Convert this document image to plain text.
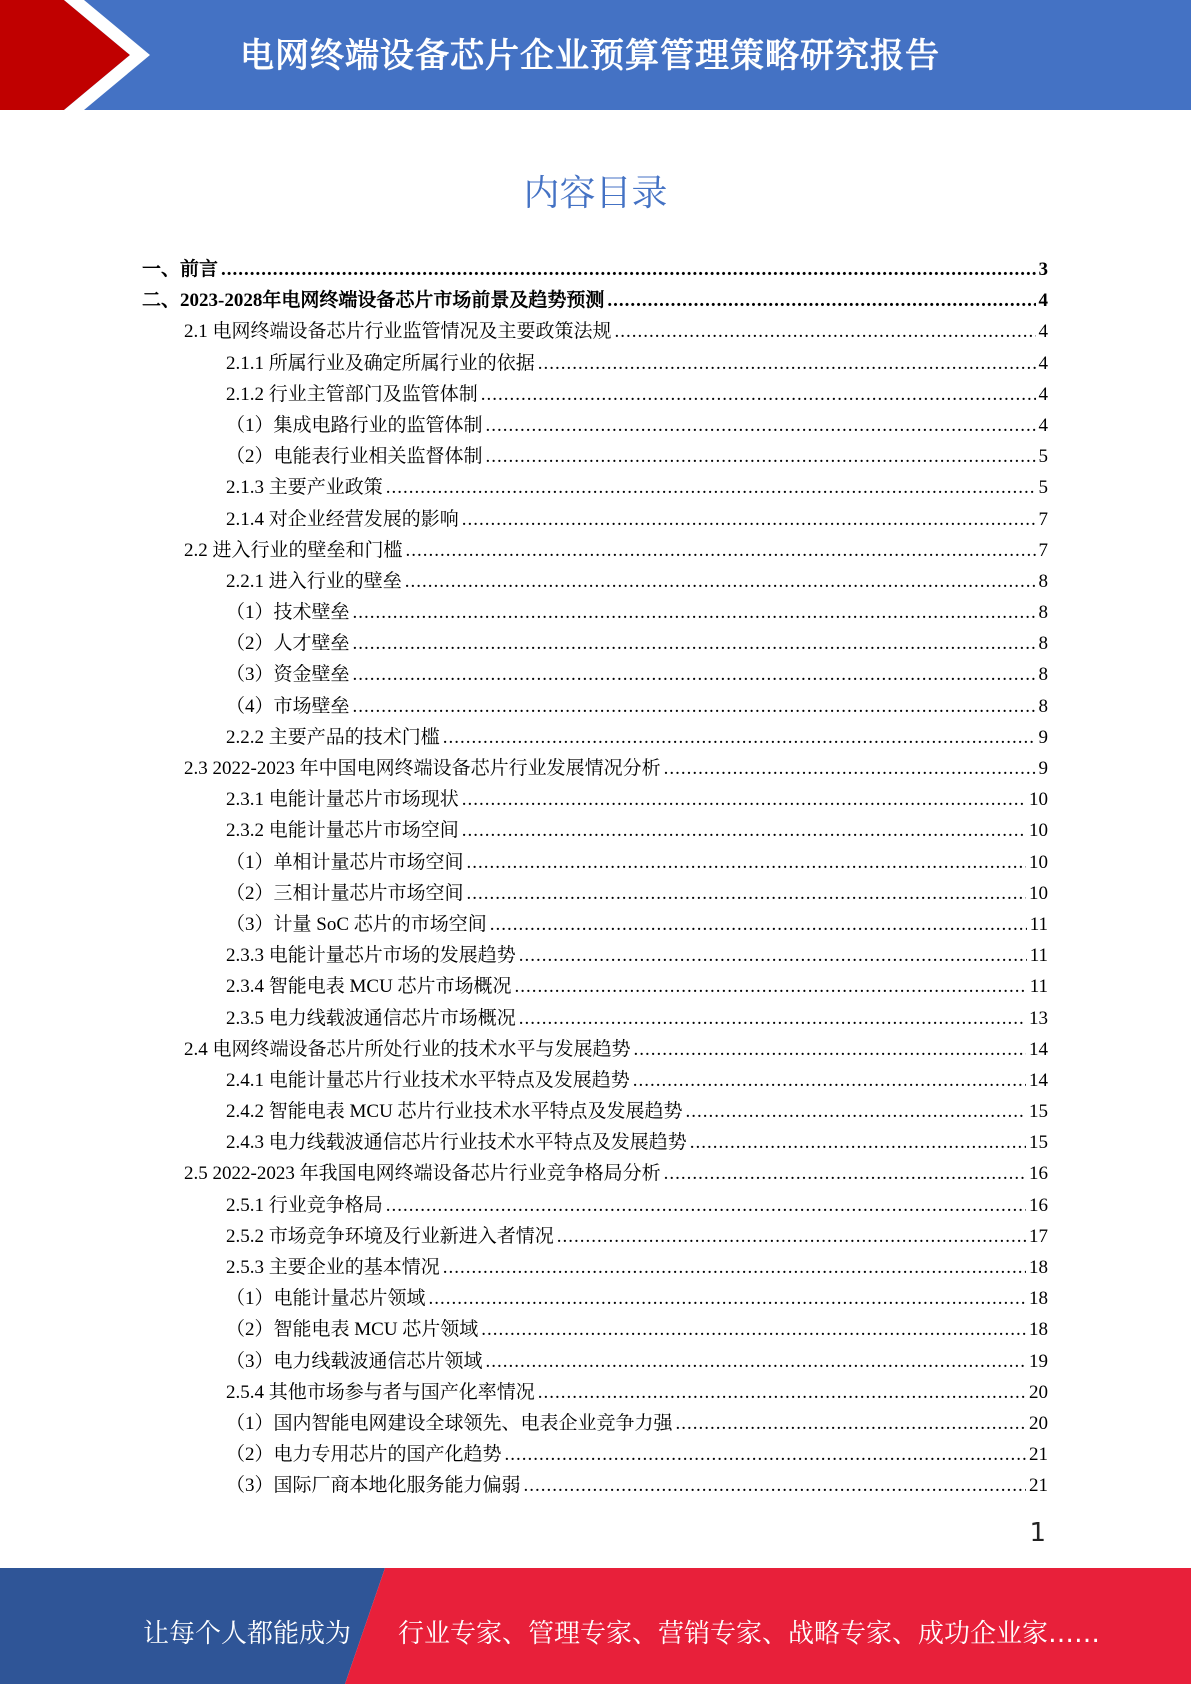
电网终端设备芯片企业预算管理策略研究报告
内容目录
一、前言 .....	3
二、2023-2028年电网终端设备芯片市场前景及趋势预测 .....	4
2.1 电网终端设备芯片行业监管情况及主要政策法规 .....	4
2.1.1 所属行业及确定所属行业的依据 .....	4
2.1.2 行业主管部门及监管体制 .....	4
（1）集成电路行业的监管体制 .....	4
（2）电能表行业相关监督体制 .....	5
2.1.3 主要产业政策 .....	5
2.1.4 对企业经营发展的影响 .....	7
2.2 进入行业的壁垒和门槛 .....	7
2.2.1 进入行业的壁垒 .....	8
（1）技术壁垒 .....	8
（2）人才壁垒 .....	8
（3）资金壁垒 .....	8
（4）市场壁垒 .....	8
2.2.2 主要产品的技术门槛 .....	9
2.3 2022-2023 年中国电网终端设备芯片行业发展情况分析 .....	9
2.3.1 电能计量芯片市场现状 .....	10
2.3.2 电能计量芯片市场空间 .....	10
（1）单相计量芯片市场空间 .....	10
（2）三相计量芯片市场空间 .....	10
（3）计量 SoC 芯片的市场空间 .....	11
2.3.3 电能计量芯片市场的发展趋势 .....	11
2.3.4 智能电表 MCU 芯片市场概况 .....	11
2.3.5 电力线载波通信芯片市场概况 .....	13
2.4 电网终端设备芯片所处行业的技术水平与发展趋势 .....	14
2.4.1 电能计量芯片行业技术水平特点及发展趋势 .....	14
2.4.2 智能电表 MCU 芯片行业技术水平特点及发展趋势 .....	15
2.4.3 电力线载波通信芯片行业技术水平特点及发展趋势 .....	15
2.5 2022-2023 年我国电网终端设备芯片行业竞争格局分析 .....	16
2.5.1 行业竞争格局 .....	16
2.5.2 市场竞争环境及行业新进入者情况 .....	17
2.5.3 主要企业的基本情况 .....	18
（1）电能计量芯片领域 .....	18
（2）智能电表 MCU 芯片领域 .....	18
（3）电力线载波通信芯片领域 .....	19
2.5.4 其他市场参与者与国产化率情况 .....	20
（1）国内智能电网建设全球领先、电表企业竞争力强 .....	20
（2）电力专用芯片的国产化趋势 .....	21
（3）国际厂商本地化服务能力偏弱 .....	21
1
让每个人都能成为 行业专家、管理专家、营销专家、战略专家、成功企业家……
